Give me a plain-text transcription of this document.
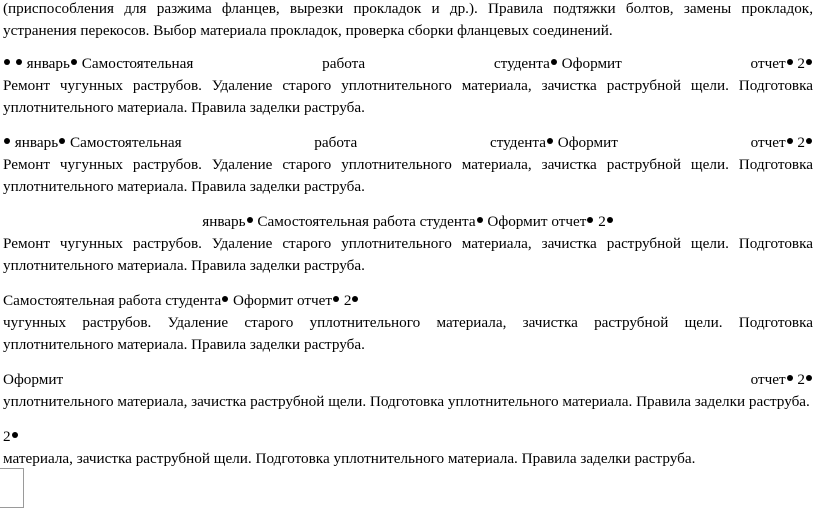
(приспособления для разжима фланцев, вырезки прокладок и др.). Правила подтяжки болтов, замены прокладок,
устранения перекосов. Выбор материала прокладок, проверка сборки фланцевых соединений.
январь Самостоятельная	работа	студента Оформит	отчет 2
Ремонт чугунных раструбов. Удаление старого уплотнительного материала, зачистка раструбной щели. Подготовка уплотнительного материала. Правила заделки раструба.
январь Самостоятельная	работа	студента Оформит	отчет 2
Ремонт чугунных раструбов. Удаление старого уплотнительного материала, зачистка раструбной щели. Подготовка уплотнительного материала. Правила заделки раструба.
январь Самостоятельная работа студента Оформит отчет 2
Ремонт чугунных раструбов. Удаление старого уплотнительного материала, зачистка раструбной щели. Подготовка уплотнительного материала. Правила заделки раструба.
Самостоятельная работа студента Оформит отчет 2
чугунных раструбов. Удаление старого уплотнительного материала, зачистка раструбной щели. Подготовка уплотнительного материала. Правила заделки раструба.
Оформит	отчет 2
уплотнительного материала, зачистка раструбной щели. Подготовка уплотнительного материала. Правила заделки раструба.
2
материала, зачистка раструбной щели. Подготовка уплотнительного материала. Правила заделки раструба.
